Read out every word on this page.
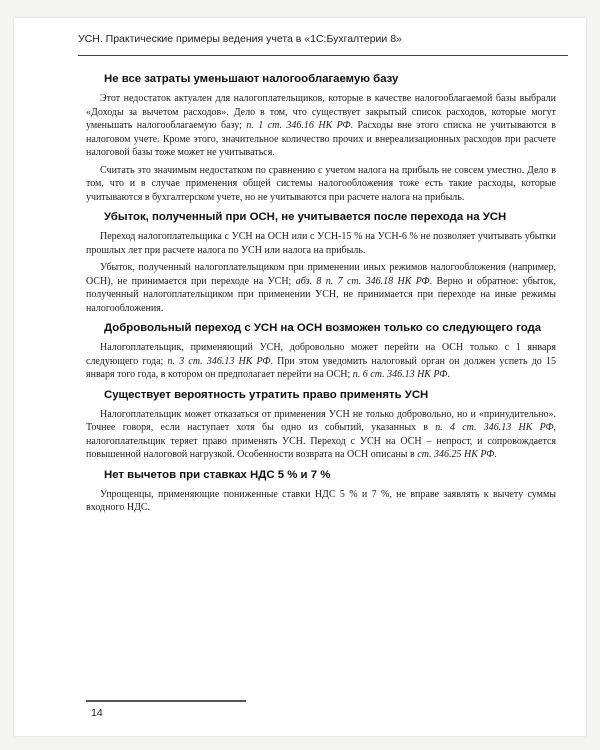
УСН. Практические примеры ведения учета в «1С:Бухгалтерии 8»
Не все затраты уменьшают налогооблагаемую базу

Этот недостаток актуален для налогоплательщиков, которые в качестве налогооблагаемой базы выбрали «Доходы за вычетом расходов». Дело в том, что существует закрытый список расходов, которые могут уменьшать налогооблагаемую базу; п. 1 ст. 346.16 НК РФ. Расходы вне этого списка не учитываются в налоговом учете. Кроме этого, значительное количество прочих и внереализационных расходов при расчете налоговой базы тоже может не учитываться.

Считать это значимым недостатком по сравнению с учетом налога на прибыль не совсем уместно. Дело в том, что и в случае применения общей системы налогообложения тоже есть такие расходы, которые учитываются в бухгалтерском учете, но не учитываются при расчете налога на прибыль.

Убыток, полученный при ОСН, не учитывается после перехода на УСН

Переход налогоплательщика с УСН на ОСН или с УСН-15 % на УСН-6 % не позволяет учитывать убытки прошлых лет при расчете налога по УСН или налога на прибыль.

Убыток, полученный налогоплательщиком при применении иных режимов налогообложения (например, ОСН), не принимается при переходе на УСН; абз. 8 п. 7 ст. 346.18 НК РФ. Верно и обратное: убыток, полученный налогоплательщиком при применении УСН, не принимается при переходе на иные режимы налогообложения.

Добровольный переход с УСН на ОСН возможен только со следующего года

Налогоплательщик, применяющий УСН, добровольно может перейти на ОСН только с 1 января следующего года; п. 3 ст. 346.13 НК РФ. При этом уведомить налоговый орган он должен успеть до 15 января того года, в котором он предполагает перейти на ОСН; п. 6 ст. 346.13 НК РФ.

Существует вероятность утратить право применять УСН

Налогоплательщик может отказаться от применения УСН не только добровольно, но и «принудительно». Точнее говоря, если наступает хотя бы одно из событий, указанных в п. 4 ст. 346.13 НК РФ, налогоплательщик теряет право применять УСН. Переход с УСН на ОСН – непрост, и сопровождается повышенной налоговой нагрузкой. Особенности возврата на ОСН описаны в ст. 346.25 НК РФ.

Нет вычетов при ставках НДС 5 % и 7 %

Упрощенцы, применяющие пониженные ставки НДС 5 % и 7 %, не вправе заявлять к вычету суммы входного НДС.

14
